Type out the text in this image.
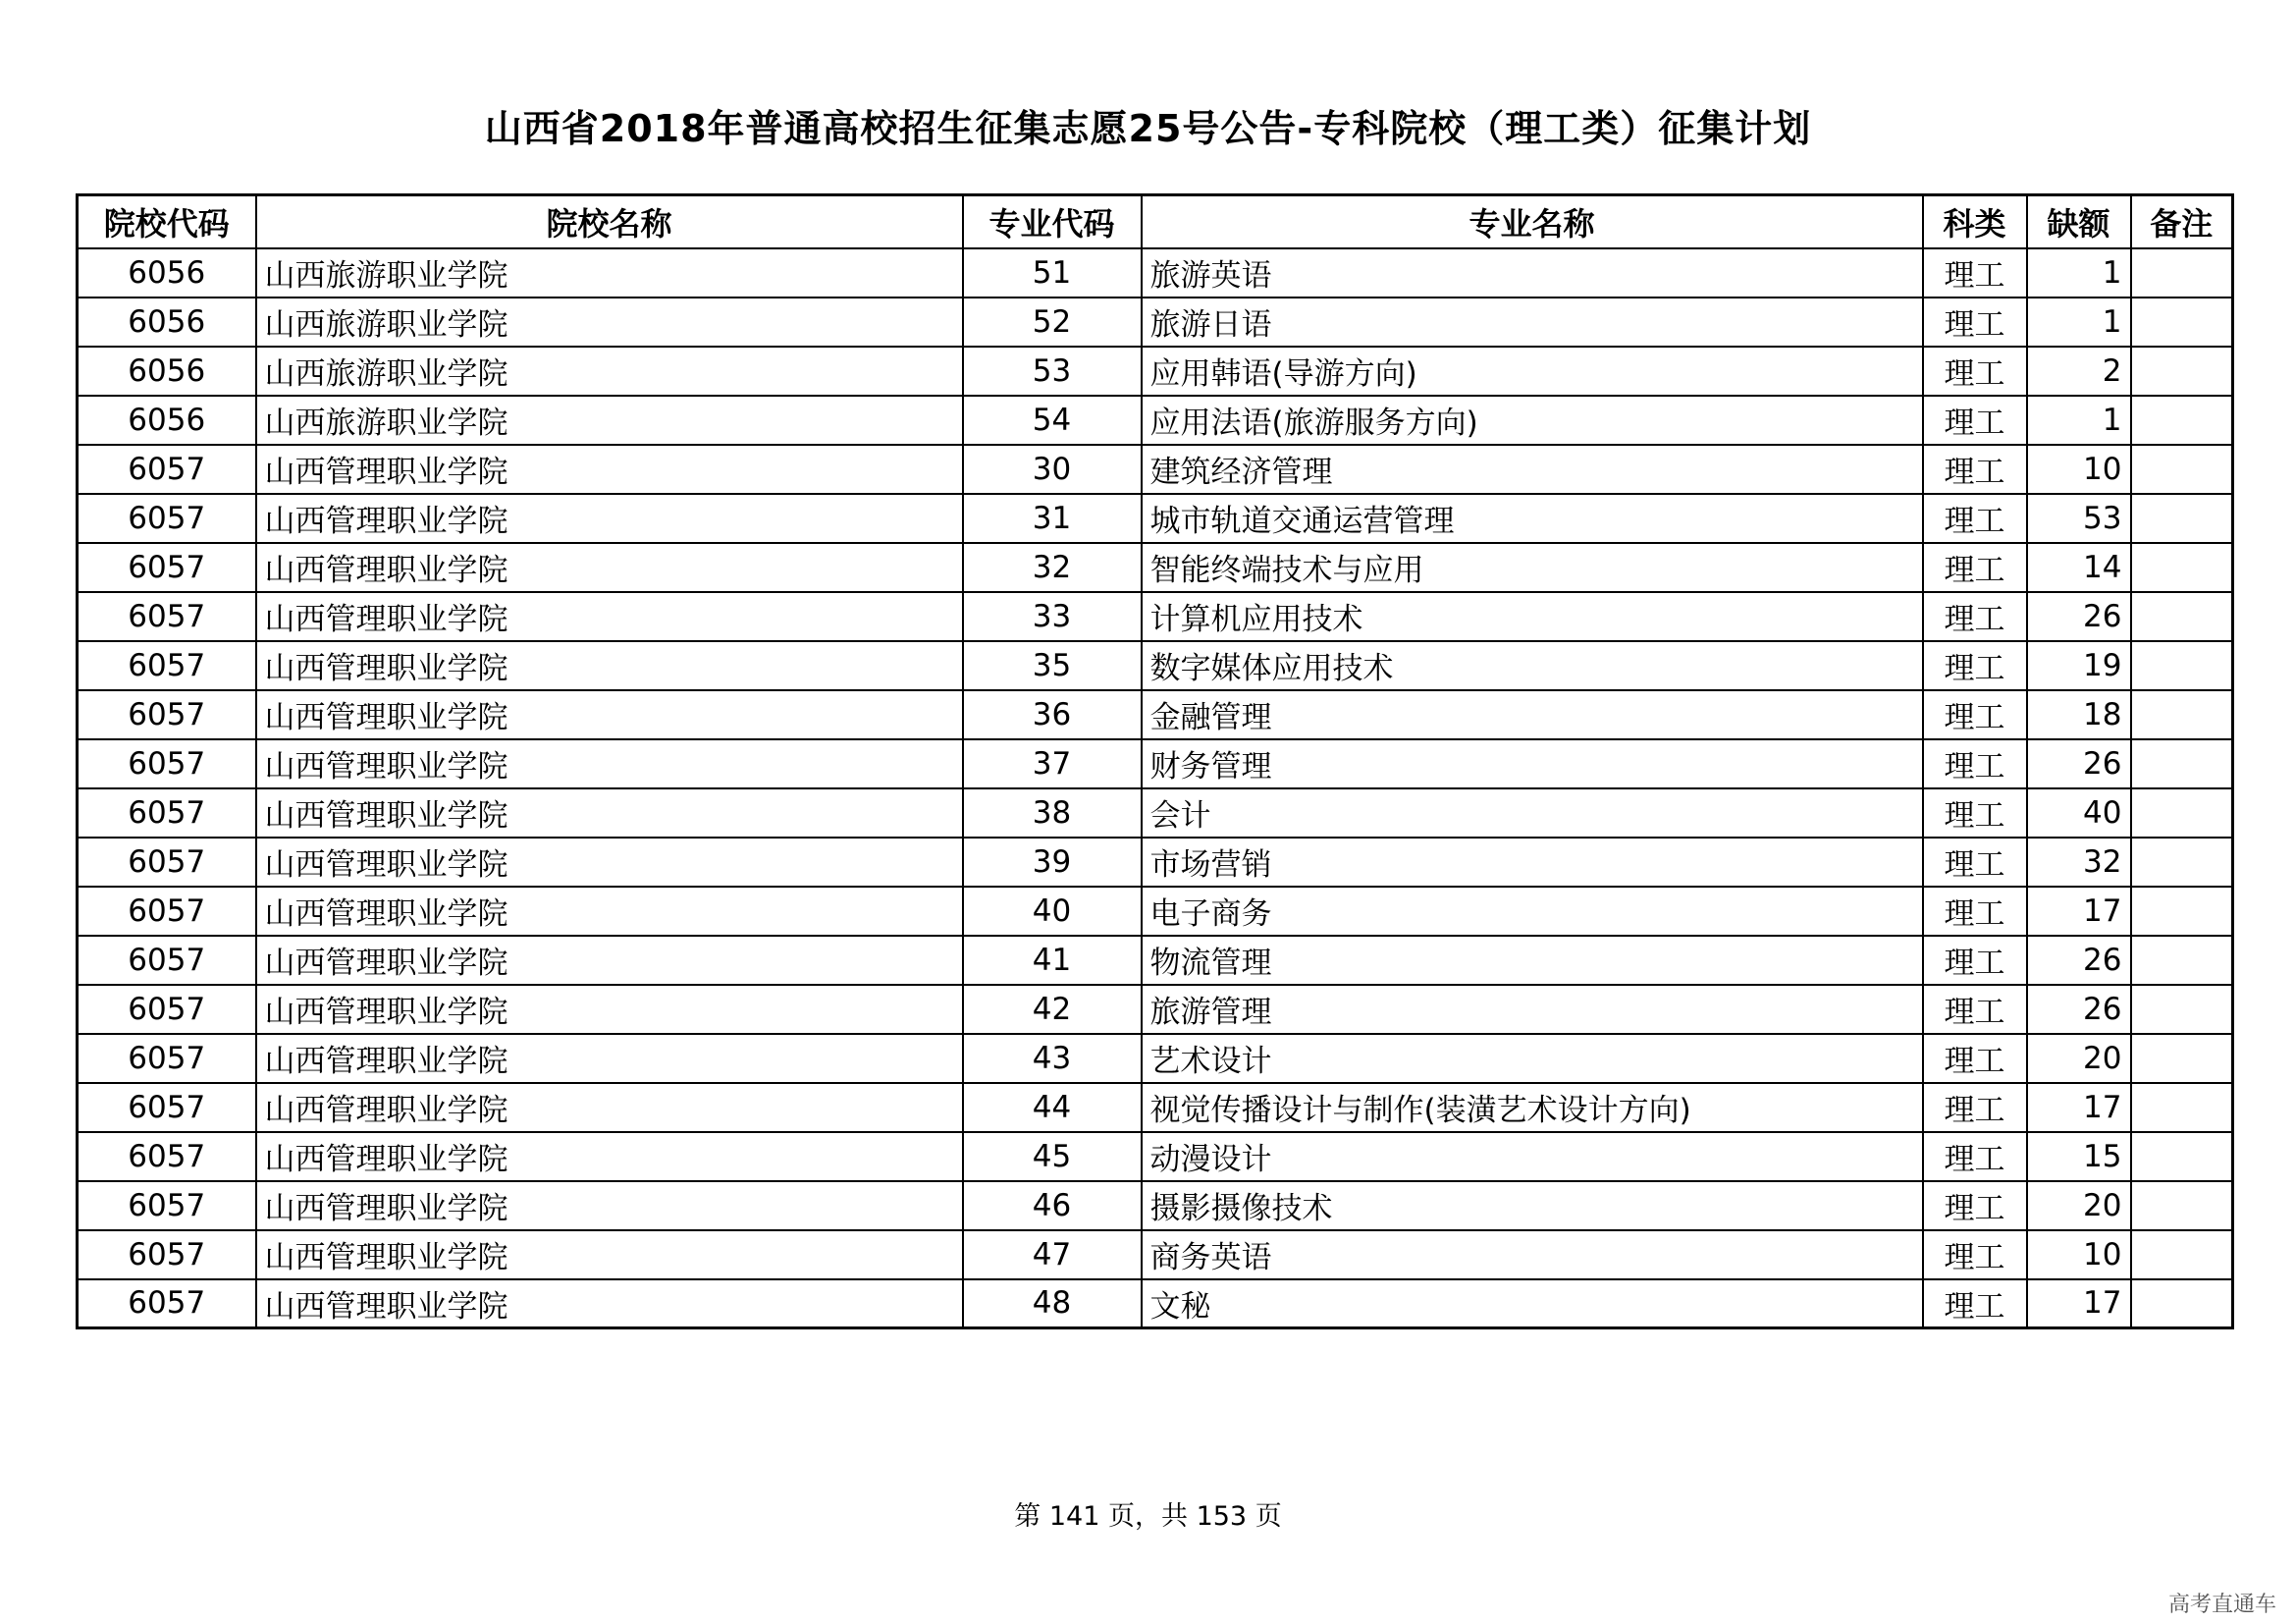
山西省2018年普通高校招生征集志愿25号公告-专科院校（理工类）征集计划
院校代码	院校名称	专业代码	专业名称	科类	缺额	备注
6056	山西旅游职业学院	51	旅游英语	理工	1	
6056	山西旅游职业学院	52	旅游日语	理工	1	
6056	山西旅游职业学院	53	应用韩语(导游方向)	理工	2	
6056	山西旅游职业学院	54	应用法语(旅游服务方向)	理工	1	
6057	山西管理职业学院	30	建筑经济管理	理工	10	
6057	山西管理职业学院	31	城市轨道交通运营管理	理工	53	
6057	山西管理职业学院	32	智能终端技术与应用	理工	14	
6057	山西管理职业学院	33	计算机应用技术	理工	26	
6057	山西管理职业学院	35	数字媒体应用技术	理工	19	
6057	山西管理职业学院	36	金融管理	理工	18	
6057	山西管理职业学院	37	财务管理	理工	26	
6057	山西管理职业学院	38	会计	理工	40	
6057	山西管理职业学院	39	市场营销	理工	32	
6057	山西管理职业学院	40	电子商务	理工	17	
6057	山西管理职业学院	41	物流管理	理工	26	
6057	山西管理职业学院	42	旅游管理	理工	26	
6057	山西管理职业学院	43	艺术设计	理工	20	
6057	山西管理职业学院	44	视觉传播设计与制作(装潢艺术设计方向)	理工	17	
6057	山西管理职业学院	45	动漫设计	理工	15	
6057	山西管理职业学院	46	摄影摄像技术	理工	20	
6057	山西管理职业学院	47	商务英语	理工	10	
6057	山西管理职业学院	48	文秘	理工	17	
第 141 页，共 153 页
高考直通车
